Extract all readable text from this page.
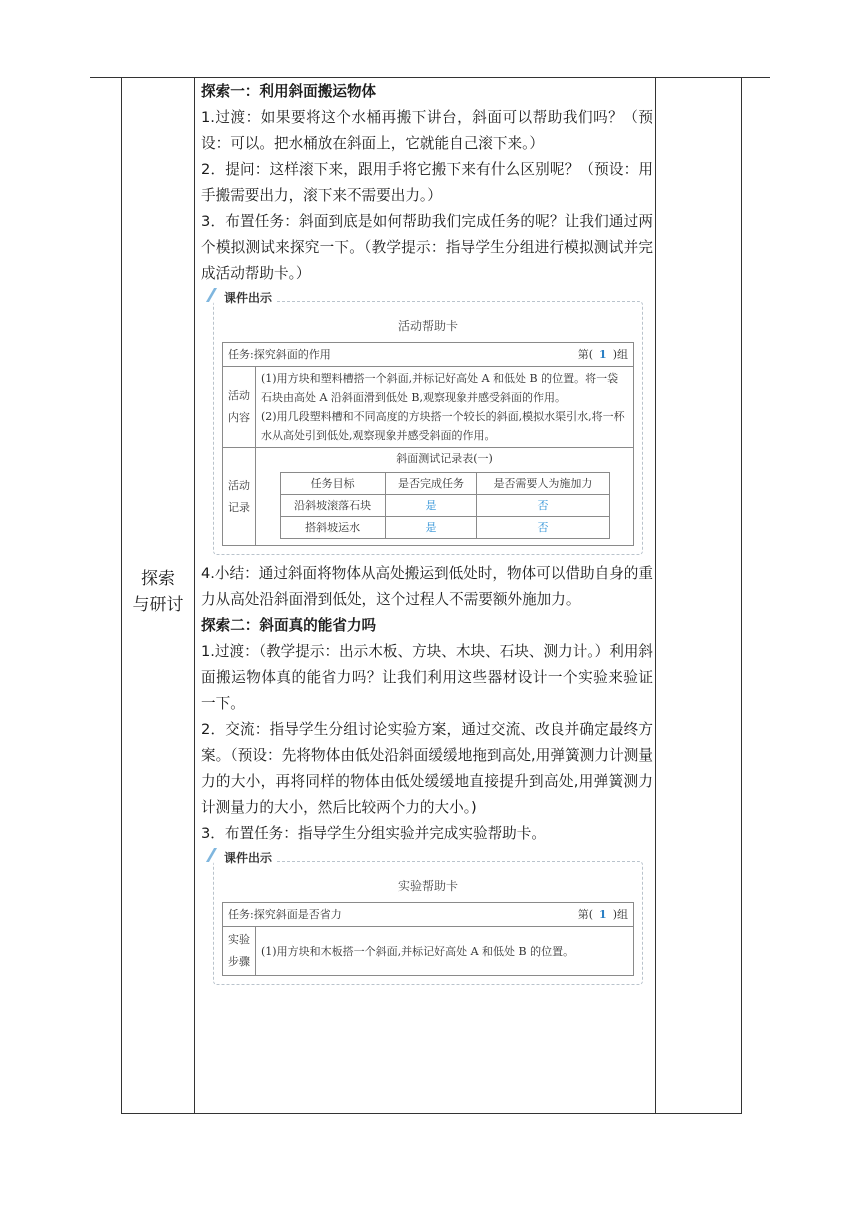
探索
与研讨

探索一：利用斜面搬运物体

1.过渡：如果要将这个水桶再搬下讲台，斜面可以帮助我们吗？（预设：可以。把水桶放在斜面上，它就能自己滚下来。）

2．提问：这样滚下来，跟用手将它搬下来有什么区别呢？（预设：用手搬需要出力，滚下来不需要出力。）

3．布置任务：斜面到底是如何帮助我们完成任务的呢？让我们通过两个模拟测试来探究一下。（教学提示：指导学生分组进行模拟测试并完成活动帮助卡。）

课件出示
活动帮助卡
任务:探究斜面的作用	第( 1 )组

活动内容	
(1)用方块和塑料槽搭一个斜面,并标记好高处 A 和低处 B 的位置。将一袋石块由高处 A 沿斜面滑到低处 B,观察现象并感受斜面的作用。
(2)用几段塑料槽和不同高度的方块搭一个较长的斜面,模拟水渠引水,将一杯水从高处引到低处,观察现象并感受斜面的作用。

活动记录	
斜面测试记录表(一)
任务目标	是否完成任务	是否需要人为施加力
沿斜坡滚落石块	是	否
搭斜坡运水	是	否

4.小结：通过斜面将物体从高处搬运到低处时，物体可以借助自身的重力从高处沿斜面滑到低处，这个过程人不需要额外施加力。

探索二：斜面真的能省力吗

1.过渡：（教学提示：出示木板、方块、木块、石块、测力计。）利用斜面搬运物体真的能省力吗？让我们利用这些器材设计一个实验来验证一下。

2．交流：指导学生分组讨论实验方案，通过交流、改良并确定最终方案。（预设：先将物体由低处沿斜面缓缓地拖到高处,用弹簧测力计测量力的大小，再将同样的物体由低处缓缓地直接提升到高处,用弹簧测力计测量力的大小，然后比较两个力的大小。)

3．布置任务：指导学生分组实验并完成实验帮助卡。

课件出示
实验帮助卡
任务:探究斜面是否省力	第( 1 )组

实验步骤	(1)用方块和木板搭一个斜面,并标记好高处 A 和低处 B 的位置。
